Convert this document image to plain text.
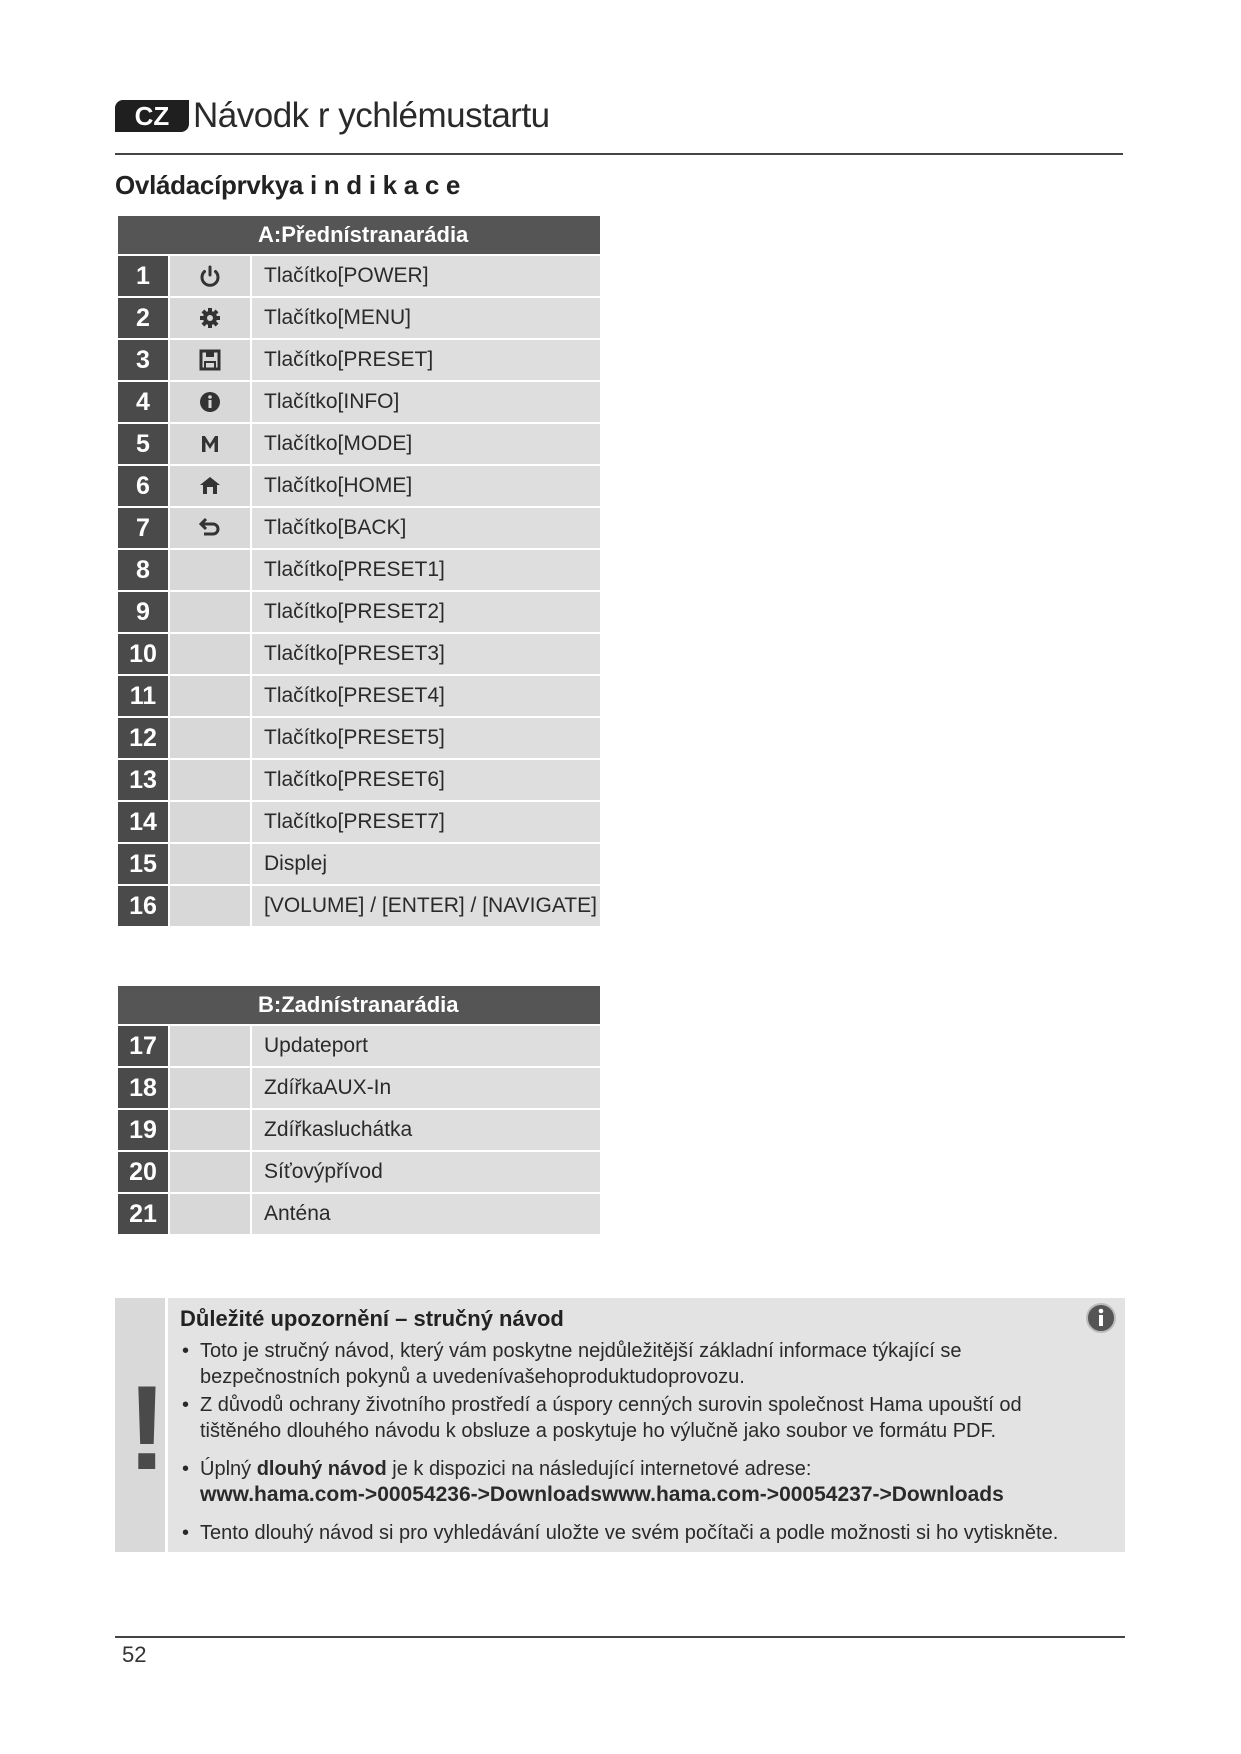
CZ Návodk r ychlémustartu
Ovládacíprvkya i n d i k a c e
A:Přednístranarádia
1	Tlačítko[POWER]
2	Tlačítko[MENU]
3	Tlačítko[PRESET]
4	Tlačítko[INFO]
5	Tlačítko[MODE]
6	Tlačítko[HOME]
7	Tlačítko[BACK]
8	Tlačítko[PRESET1]
9	Tlačítko[PRESET2]
10	Tlačítko[PRESET3]
11	Tlačítko[PRESET4]
12	Tlačítko[PRESET5]
13	Tlačítko[PRESET6]
14	Tlačítko[PRESET7]
15	Displej
16	[VOLUME] / [ENTER] / [NAVIGATE]
B:Zadnístranarádia
17	Updateport
18	ZdířkaAUX-In
19	Zdířkasluchátka
20	Síťovýpřívod
21	Anténa
!
Důležité upozornění – stručný návod
• Toto je stručný návod, který vám poskytne nejdůležitější základní informace týkající se bezpečnostních pokynů a uvedenívašehoproduktudoprovozu.
• Z důvodů ochrany životního prostředí a úspory cenných surovin společnost Hama upouští od tištěného dlouhého návodu k obsluze a poskytuje ho výlučně jako soubor ve formátu PDF.
• Úplný dlouhý návod je k dispozici na následující internetové adrese:
www.hama.com->00054236->Downloadswww.hama.com->00054237->Downloads
• Tento dlouhý návod si pro vyhledávání uložte ve svém počítači a podle možnosti si ho vytiskněte.
52
